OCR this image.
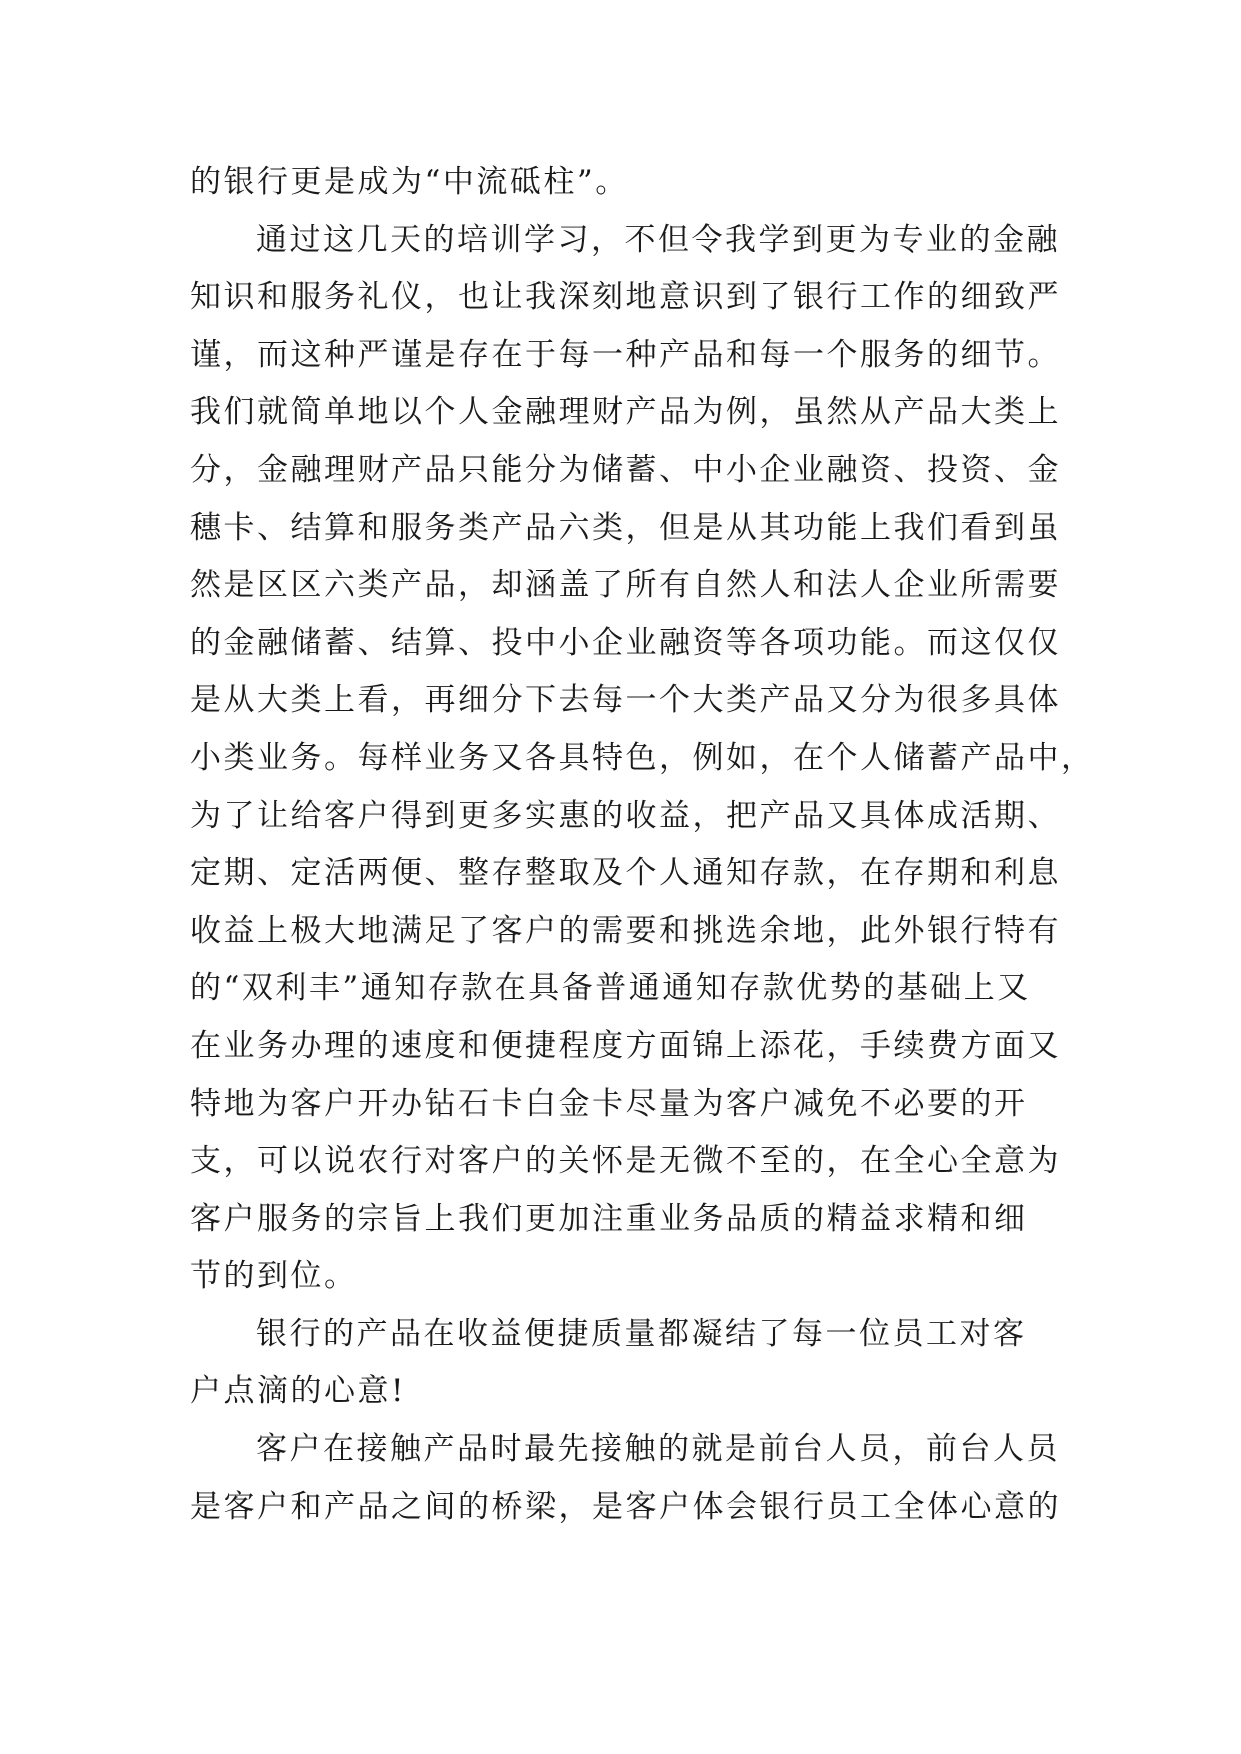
的银行更是成为“中流砥柱”。
通过这几天的培训学习，不但令我学到更为专业的金融
知识和服务礼仪，也让我深刻地意识到了银行工作的细致严
谨，而这种严谨是存在于每一种产品和每一个服务的细节。
我们就简单地以个人金融理财产品为例，虽然从产品大类上
分，金融理财产品只能分为储蓄、中小企业融资、投资、金
穗卡、结算和服务类产品六类，但是从其功能上我们看到虽
然是区区六类产品，却涵盖了所有自然人和法人企业所需要
的金融储蓄、结算、投中小企业融资等各项功能。而这仅仅
是从大类上看，再细分下去每一个大类产品又分为很多具体
小类业务。每样业务又各具特色，例如，在个人储蓄产品中，
为了让给客户得到更多实惠的收益，把产品又具体成活期、
定期、定活两便、整存整取及个人通知存款，在存期和利息
收益上极大地满足了客户的需要和挑选余地，此外银行特有
的“双利丰”通知存款在具备普通通知存款优势的基础上又
在业务办理的速度和便捷程度方面锦上添花，手续费方面又
特地为客户开办钻石卡白金卡尽量为客户减免不必要的开
支，可以说农行对客户的关怀是无微不至的，在全心全意为
客户服务的宗旨上我们更加注重业务品质的精益求精和细
节的到位。
银行的产品在收益便捷质量都凝结了每一位员工对客
户点滴的心意!
客户在接触产品时最先接触的就是前台人员，前台人员
是客户和产品之间的桥梁，是客户体会银行员工全体心意的
